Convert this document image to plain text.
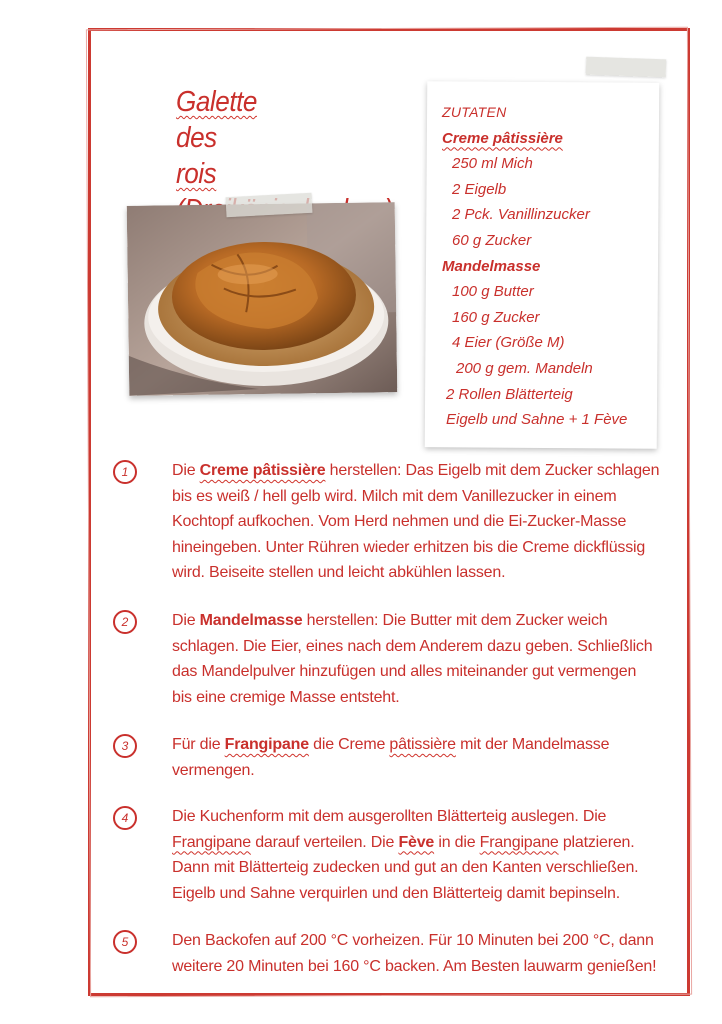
Galette
des
rois
ZUTATEN
Creme pâtissière
250 ml Mich
2 Eigelb
2 Pck. Vanillinzucker
60 g Zucker
Mandelmasse
100 g Butter
160 g Zucker
4 Eier (Größe M)
200 g gem. Mandeln
2 Rollen Blätterteig
Eigelb und Sahne + 1 Fève
1	Die Creme pâtissière herstellen: Das Eigelb mit dem Zucker schlagen

bis es weiß / hell gelb wird. Milch mit dem Vanillezucker in einem

Kochtopf aufkochen. Vom Herd nehmen und die Ei-Zucker-Masse

hineingeben. Unter Rühren wieder erhitzen bis die Creme dickflüssig

wird. Beiseite stellen und leicht abkühlen lassen.

2	Die Mandelmasse herstellen: Die Butter mit dem Zucker weich

schlagen. Die Eier, eines nach dem Anderem dazu geben. Schließlich

das Mandelpulver hinzufügen und alles miteinander gut vermengen

bis eine cremige Masse entsteht.

3	Für die Frangipane die Creme pâtissière mit der Mandelmasse

vermengen.

4	Die Kuchenform mit dem ausgerollten Blätterteig auslegen. Die

Frangipane darauf verteilen. Die Fève in die Frangipane platzieren.

Dann mit Blätterteig zudecken und gut an den Kanten verschließen.

Eigelb und Sahne verquirlen und den Blätterteig damit bepinseln.

5	Den Backofen auf 200 °C vorheizen. Für 10 Minuten bei 200 °C, dann

weitere 20 Minuten bei 160 °C backen. Am Besten lauwarm genießen!
